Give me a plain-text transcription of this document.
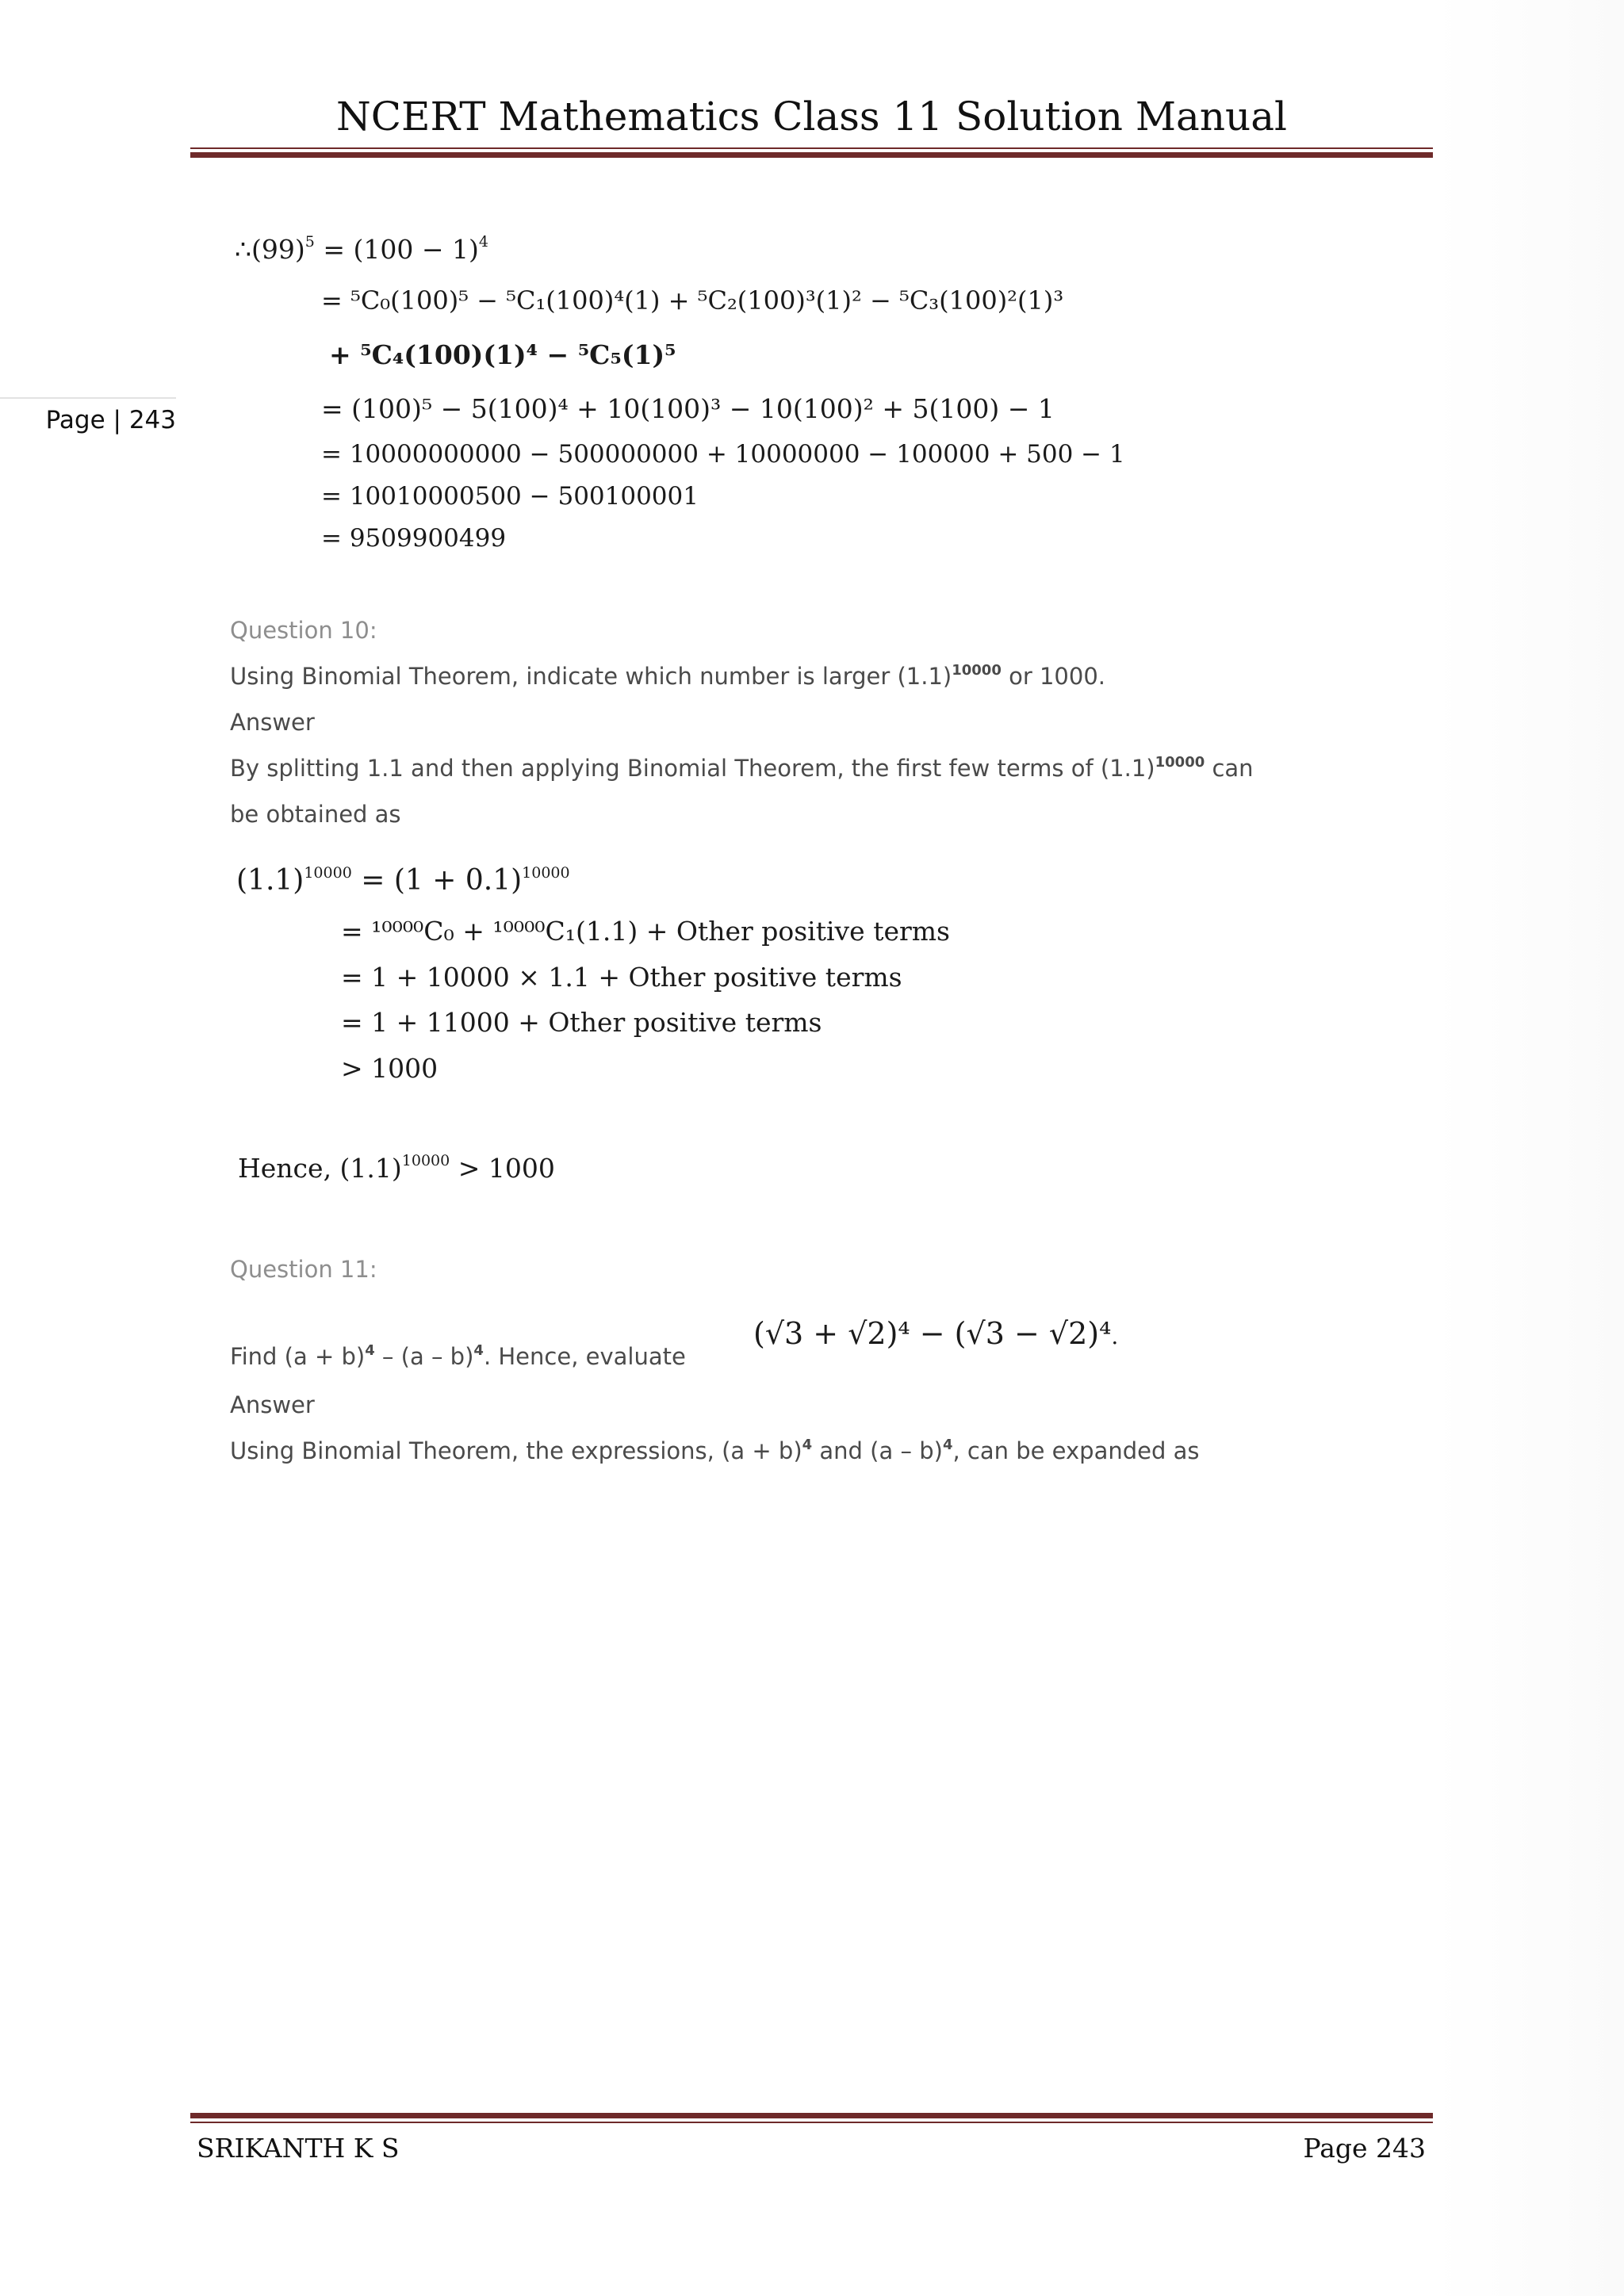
NCERT Mathematics Class 11 Solution Manual
Page | 243
$\therefore(99)^5 = (100 - 1)^4$
= ⁵C₀(100)⁵ − ⁵C₁(100)⁴(1) + ⁵C₂(100)³(1)² − ⁵C₃(100)²(1)³
+ ⁵C₄(100)(1)⁴ − ⁵C₅(1)⁵
= (100)⁵ − 5(100)⁴ + 10(100)³ − 10(100)² + 5(100) − 1
= 10000000000 − 500000000 + 10000000 − 100000 + 500 − 1
= 10010000500 − 500100001
= 9509900499
Question 10:
Using Binomial Theorem, indicate which number is larger $(1.1)^{10000}$ or 1000.
Answer
By splitting 1.1 and then applying Binomial Theorem, the first few terms of $(1.1)^{10000}$ can
be obtained as
$(1.1)^{10000} = (1 + 0.1)^{10000}$
= ¹⁰⁰⁰⁰C₀ + ¹⁰⁰⁰⁰C₁(1.1) + Other positive terms
= 1 + 10000 × 1.1 + Other positive terms
= 1 + 11000 + Other positive terms
> 1000
Hence, $(1.1)^{10000} > 1000$
Question 11:
Find $(a + b)^4 - (a - b)^4$. Hence, evaluate
(√3 + √2)⁴ − (√3 − √2)⁴.
Answer
Using Binomial Theorem, the expressions, $(a + b)^4$ and (a – b)$^4$, can be expanded as
SRIKANTH K S	Page 243
